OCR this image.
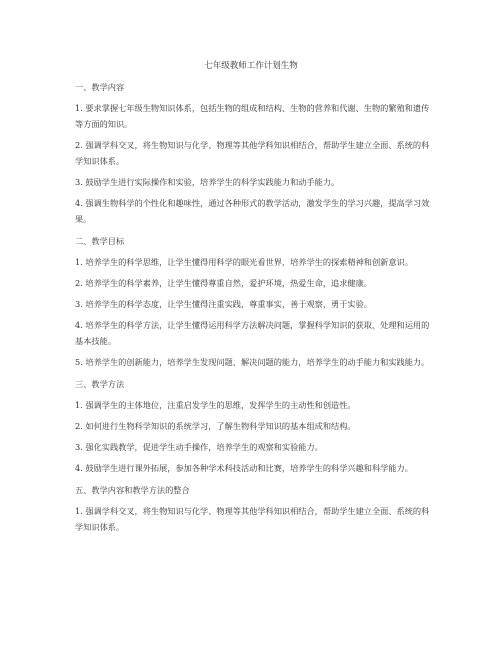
七年级教师工作计划生物
一、教学内容
1. 要求掌握七年级生物知识体系，包括生物的组成和结构、生物的营养和代谢、生物的繁殖和遗传等方面的知识。
2. 强调学科交叉，将生物知识与化学、物理等其他学科知识相结合，帮助学生建立全面、系统的科学知识体系。
3. 鼓励学生进行实际操作和实验，培养学生的科学实践能力和动手能力。
4. 强调生物科学的个性化和趣味性，通过各种形式的教学活动，激发学生的学习兴趣，提高学习效果。
二、教学目标
1. 培养学生的科学思维，让学生懂得用科学的眼光看世界，培养学生的探索精神和创新意识。
2. 培养学生的科学素养，让学生懂得尊重自然，爱护环境，热爱生命，追求健康。
3. 培养学生的科学态度，让学生懂得注重实践，尊重事实，善于观察，勇于实验。
4. 培养学生的科学方法，让学生懂得运用科学方法解决问题，掌握科学知识的获取、处理和运用的基本技能。
5. 培养学生的创新能力，培养学生发现问题、解决问题的能力，培养学生的动手能力和实践能力。
三、教学方法
1. 强调学生的主体地位，注重启发学生的思维，发挥学生的主动性和创造性。
2. 如何进行生物科学知识的系统学习，了解生物科学知识的基本组成和结构。
3. 强化实践教学，促进学生动手操作，培养学生的观察和实验能力。
4. 鼓励学生进行课外拓展，参加各种学术科技活动和比赛，培养学生的科学兴趣和科学能力。
五、教学内容和教学方法的整合
1. 强调学科交叉，将生物知识与化学、物理等其他学科知识相结合，帮助学生建立全面、系统的科学知识体系。
